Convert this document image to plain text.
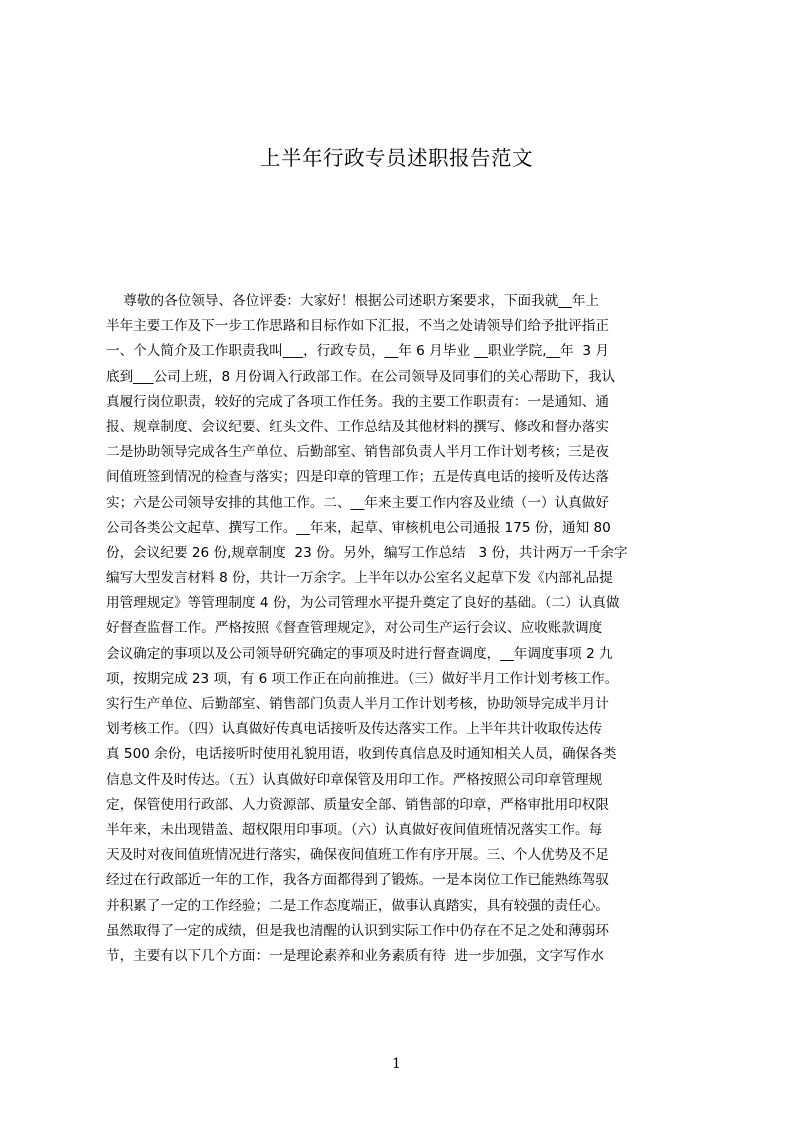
上半年行政专员述职报告范文
尊敬的各位领导、各位评委：大家好！根据公司述职方案要求，下面我就__年上
半年主要工作及下一步工作思路和目标作如下汇报，不当之处请领导们给予批评指正
一、个人简介及工作职责我叫___，行政专员，__年 6 月毕业 __职业学院,__年  3 月
底到___公司上班，8 月份调入行政部工作。在公司领导及同事们的关心帮助下，我认
真履行岗位职责，较好的完成了各项工作任务。我的主要工作职责有：一是通知、通
报、规章制度、会议纪要、红头文件、工作总结及其他材料的撰写、修改和督办落实
二是协助领导完成各生产单位、后勤部室、销售部负责人半月工作计划考核；三是夜
间值班签到情况的检查与落实；四是印章的管理工作；五是传真电话的接听及传达落
实；六是公司领导安排的其他工作。二、__年来主要工作内容及业绩（一）认真做好
公司各类公文起草、撰写工作。__年来，起草、审核机电公司通报 175 份，通知 80
份，会议纪要 26 份,规章制度  23 份。另外，编写工作总结   3 份，共计两万一千余字
编写大型发言材料 8 份，共计一万余字。上半年以办公室名义起草下发《内部礼品提
用管理规定》等管理制度 4 份，为公司管理水平提升奠定了良好的基础。（二）认真做
好督查监督工作。严格按照《督查管理规定》，对公司生产运行会议、应收账款调度
会议确定的事项以及公司领导研究确定的事项及时进行督查调度，__年调度事项 2 九
项，按期完成 23 项，有 6 项工作正在向前推进。（三）做好半月工作计划考核工作。
实行生产单位、后勤部室、销售部门负责人半月工作计划考核，协助领导完成半月计
划考核工作。（四）认真做好传真电话接听及传达落实工作。上半年共计收取传达传
真 500 余份，电话接听时使用礼貌用语，收到传真信息及时通知相关人员，确保各类
信息文件及时传达。（五）认真做好印章保管及用印工作。严格按照公司印章管理规
定，保管使用行政部、人力资源部、质量安全部、销售部的印章，严格审批用印权限
半年来，未出现错盖、超权限用印事项。（六）认真做好夜间值班情况落实工作。每
天及时对夜间值班情况进行落实，确保夜间值班工作有序开展。三、个人优势及不足
经过在行政部近一年的工作，我各方面都得到了锻炼。一是本岗位工作已能熟练驾驭
并积累了一定的工作经验；二是工作态度端正，做事认真踏实，具有较强的责任心。
虽然取得了一定的成绩，但是我也清醒的认识到实际工作中仍存在不足之处和薄弱环
节，主要有以下几个方面：一是理论素养和业务素质有待  进一步加强，文字写作水
1
